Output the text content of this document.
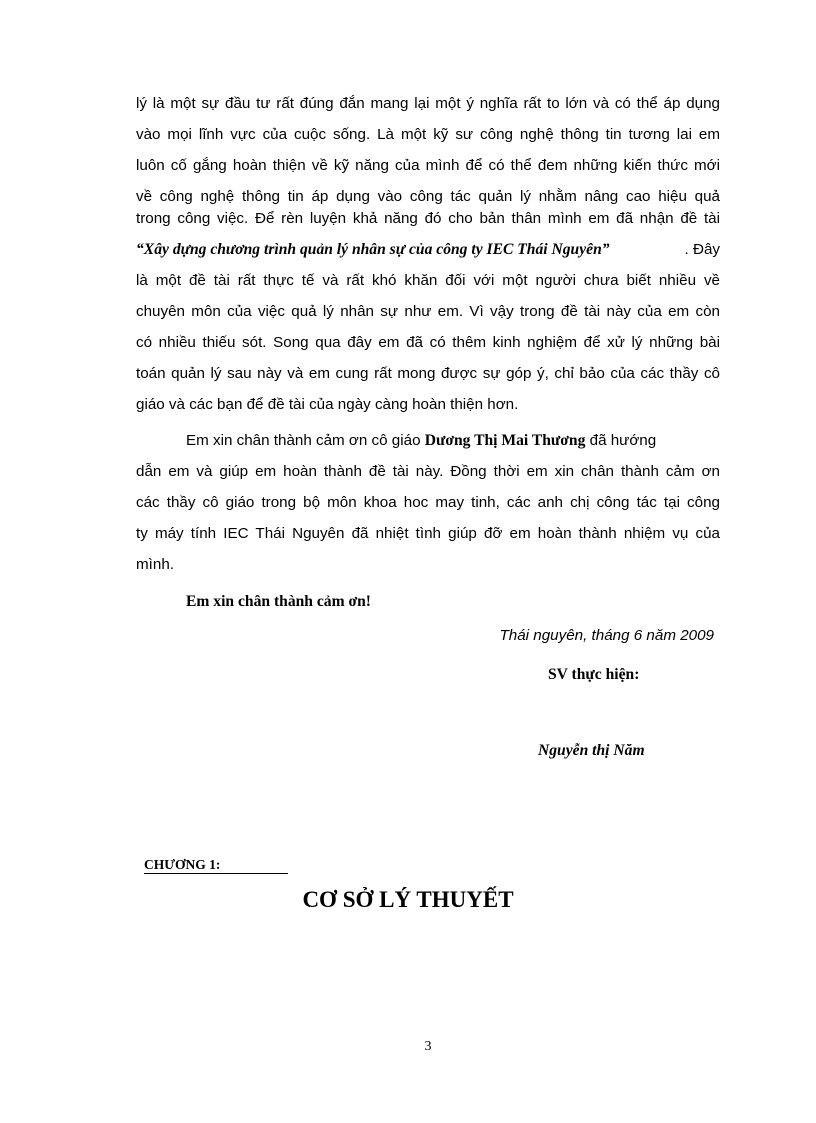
lý là một sự đầu tư rất đúng đắn mang lại một ý nghĩa rất to lớn và có thể áp dụng
vào mọi lĩnh vực của cuộc sống. Là một kỹ sư công nghệ thông tin tương lai em
luôn cố gắng hoàn thiện về kỹ năng của mình để có thể đem những kiến thức mới
về công nghệ thông tin áp dụng vào công tác quản lý nhằm nâng cao hiệu quả
trong công việc. Để rèn luyện khả năng đó cho bản thân mình em đã nhận đề tài
“Xây dựng chương trình quản lý nhân sự của công ty IEC Thái Nguyên”	. Đây
là một đề tài rất thực tế và rất khó khăn đối với một người chưa biết nhiều về
chuyên môn của việc quả lý nhân sự như em. Vì vậy trong đề tài này của em còn
có nhiều thiếu sót. Song qua đây em đã có thêm kinh nghiệm để xử lý những bài
toán quản lý sau này và em cung rất mong được sự góp ý, chỉ bảo của các thầy cô
giáo và các bạn để đề tài của ngày càng hoàn thiện hơn.
Em xin chân thành cảm ơn cô giáo Dương Thị Mai Thương đã hướng
dẫn em và giúp em hoàn thành đề tài này. Đồng thời em xin chân thành cảm ơn
các thầy cô giáo trong bộ môn khoa hoc may tinh, các anh chị công tác tại công
ty máy tính IEC Thái Nguyên đã nhiệt tình giúp đỡ em hoàn thành nhiệm vụ của
mình.
Em xin chân thành cảm ơn!
Thái nguyên, tháng 6 năm 2009
SV thực hiện:
Nguyễn thị Năm
CHƯƠNG 1:
CƠ SỞ LÝ THUYẾT
3
